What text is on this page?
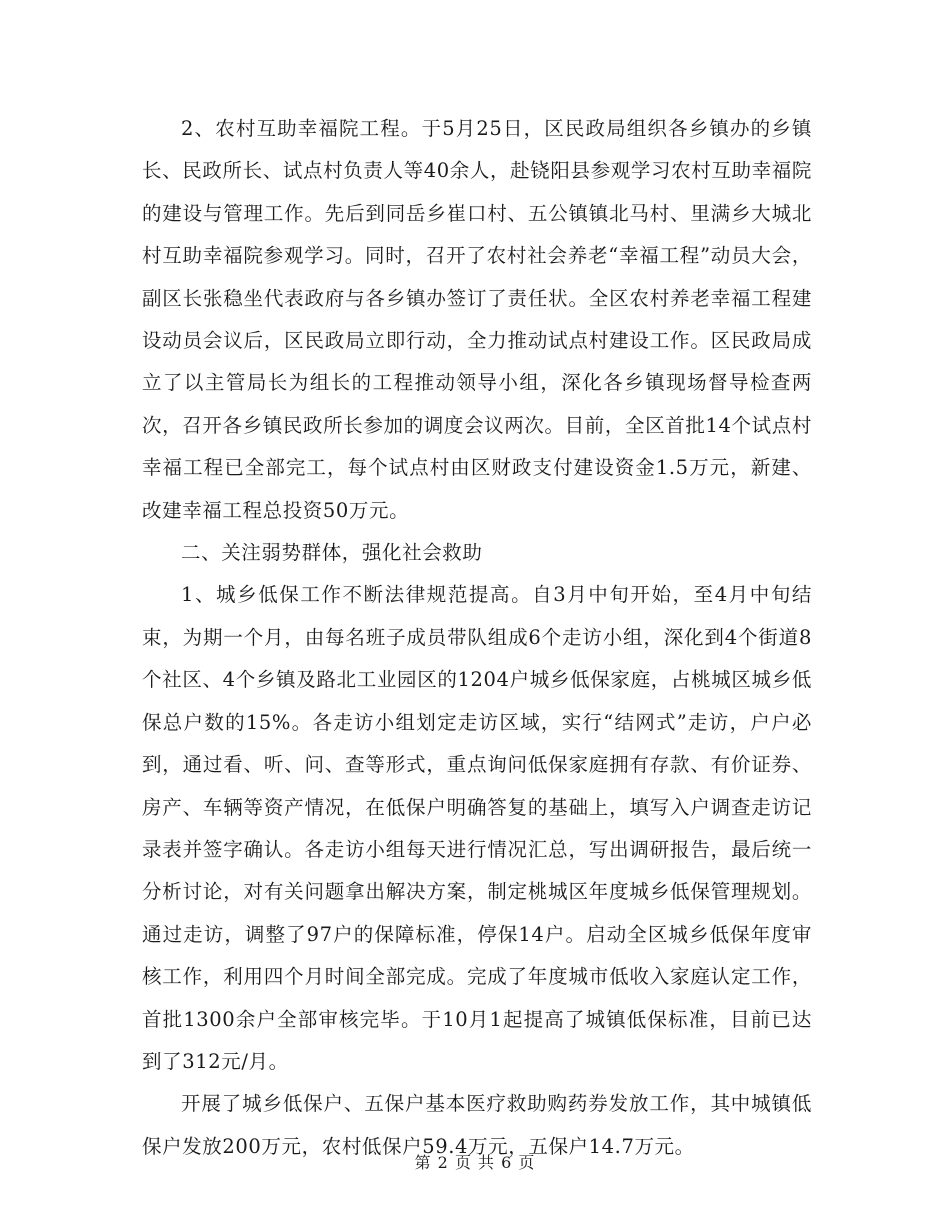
2、农村互助幸福院工程。于5月25日，区民政局组织各乡镇办的乡镇长、民政所长、试点村负责人等40余人，赴铙阳县参观学习农村互助幸福院的建设与管理工作。先后到同岳乡崔口村、五公镇镇北马村、里满乡大城北村互助幸福院参观学习。同时，召开了农村社会养老“幸福工程”动员大会，副区长张稳坐代表政府与各乡镇办签订了责任状。全区农村养老幸福工程建设动员会议后，区民政局立即行动，全力推动试点村建设工作。区民政局成立了以主管局长为组长的工程推动领导小组，深化各乡镇现场督导检查两次，召开各乡镇民政所长参加的调度会议两次。目前，全区首批14个试点村幸福工程已全部完工，每个试点村由区财政支付建设资金1.5万元，新建、改建幸福工程总投资50万元。

二、关注弱势群体，强化社会救助

1、城乡低保工作不断法律规范提高。自3月中旬开始，至4月中旬结束，为期一个月，由每名班子成员带队组成6个走访小组，深化到4个街道8个社区、4个乡镇及路北工业园区的1204户城乡低保家庭，占桃城区城乡低保总户数的15%。各走访小组划定走访区域，实行“结网式”走访，户户必到，通过看、听、问、查等形式，重点询问低保家庭拥有存款、有价证券、房产、车辆等资产情况，在低保户明确答复的基础上，填写入户调查走访记录表并签字确认。各走访小组每天进行情况汇总，写出调研报告，最后统一分析讨论，对有关问题拿出解决方案，制定桃城区年度城乡低保管理规划。通过走访，调整了97户的保障标准，停保14户。启动全区城乡低保年度审核工作，利用四个月时间全部完成。完成了年度城市低收入家庭认定工作，首批1300余户全部审核完毕。于10月1起提高了城镇低保标准，目前已达到了312元/月。

开展了城乡低保户、五保户基本医疗救助购药券发放工作，其中城镇低保户发放200万元，农村低保户59.4万元，五保户14.7万元。

第 2 页 共 6 页
